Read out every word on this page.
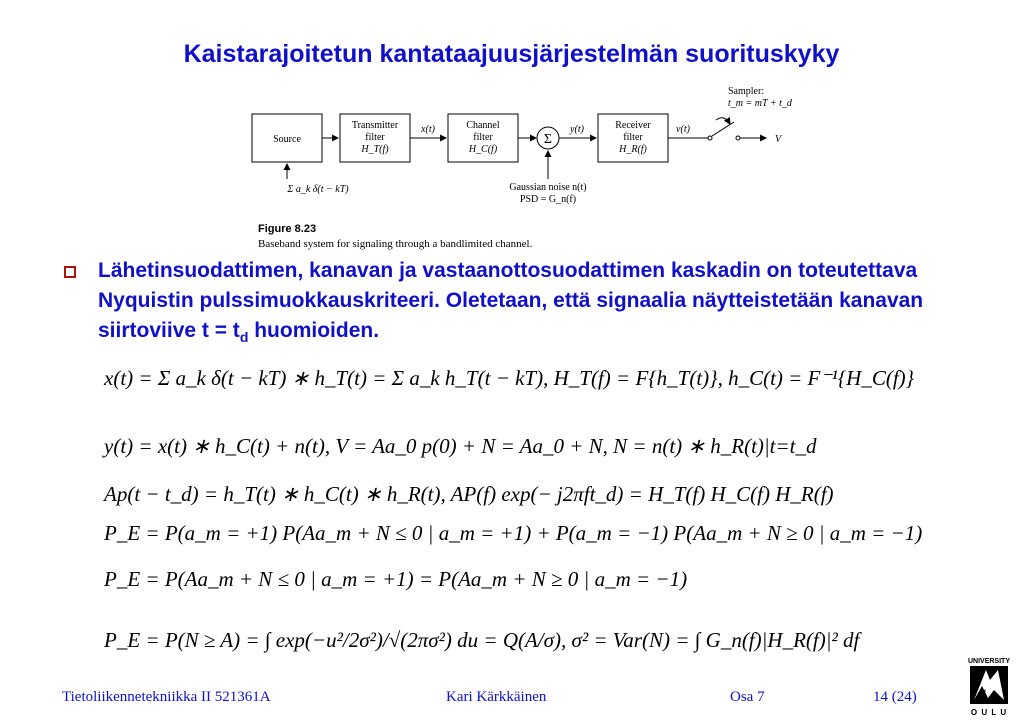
Kaistarajoitetun kantataajuusjärjestelmän suorituskyky
Source
Transmitter
filter
H_T(f)
x(t)	Channel
filter
H_C(f)
Σ
Gaussian noise n(t)
PSD = G_n(f)
y(t)	Receiver
filter
H_R(f)
v(t)
V
Sampler:
t_m = mT + t_d
Σ a_k δ(t − kT)
Figure 8.23
Baseband system for signaling through a bandlimited channel.
Lähetinsuodattimen, kanavan ja vastaanottosuodattimen kaskadin on toteutettava Nyquistin pulssimuokkauskriteeri. Oletetaan, että signaalia näytteistetään kanavan siirtoviive $t = t_d$ huomioiden.
x(t) = Σ a_k δ(t − kT) ∗ h_T(t) = Σ a_k h_T(t − kT), H_T(f) = F{h_T(t)}, h_C(t) = F⁻¹{H_C(f)}
y(t) = x(t) ∗ h_C(t) + n(t), V = Aa_0 p(0) + N = Aa_0 + N, N = n(t) ∗ h_R(t)|t=t_d
Ap(t − t_d) = h_T(t) ∗ h_C(t) ∗ h_R(t), AP(f) exp(− j2πft_d) = H_T(f) H_C(f) H_R(f)
P_E = P(a_m = +1) P(Aa_m + N ≤ 0 | a_m = +1) + P(a_m = −1) P(Aa_m + N ≥ 0 | a_m = −1)
P_E = P(Aa_m + N ≤ 0 | a_m = +1) = P(Aa_m + N ≥ 0 | a_m = −1)
P_E = P(N ≥ A) = ∫ exp(−u²/2σ²)/√(2πσ²) du = Q(A/σ), σ² = Var(N) = ∫ G_n(f)|H_R(f)|² df
Tietoliikennetekniikka II 521361A	Kari Kärkkäinen	Osa 7	14 (24)
UNIVERSITY
of
O U L U
